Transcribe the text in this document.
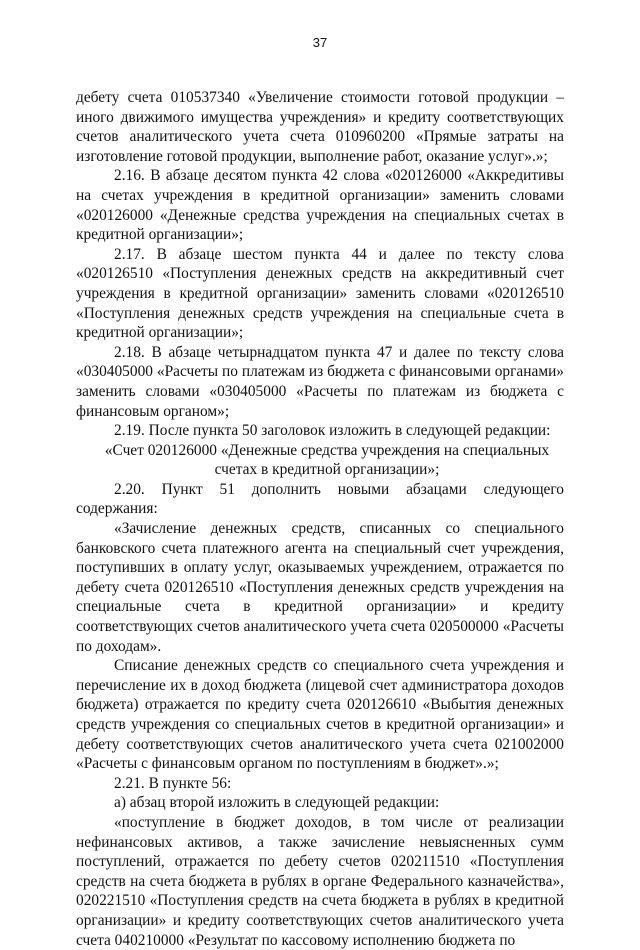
37

дебету счета 010537340 «Увеличение стоимости готовой продукции – иного движимого имущества учреждения» и кредиту соответствующих счетов аналитического учета счета 010960200 «Прямые затраты на изготовление готовой продукции, выполнение работ, оказание услуг».»;

2.16. В абзаце десятом пункта 42 слова «020126000 «Аккредитивы на счетах учреждения в кредитной организации» заменить словами «020126000 «Денежные средства учреждения на специальных счетах в кредитной организации»;

2.17. В абзаце шестом пункта 44 и далее по тексту слова «020126510 «Поступления денежных средств на аккредитивный счет учреждения в кредитной организации» заменить словами «020126510 «Поступления денежных средств учреждения на специальные счета в кредитной организации»;

2.18. В абзаце четырнадцатом пункта 47 и далее по тексту слова «030405000 «Расчеты по платежам из бюджета с финансовыми органами» заменить словами «030405000 «Расчеты по платежам из бюджета с финансовым органом»;

2.19. После пункта 50 заголовок изложить в следующей редакции:

«Счет 020126000 «Денежные средства учреждения на специальных счетах в кредитной организации»;

2.20. Пункт 51 дополнить новыми абзацами следующего содержания:

«Зачисление денежных средств, списанных со специального банковского счета платежного агента на специальный счет учреждения, поступивших в оплату услуг, оказываемых учреждением, отражается по дебету счета 020126510 «Поступления денежных средств учреждения на специальные счета в кредитной организации» и кредиту соответствующих счетов аналитического учета счета 020500000 «Расчеты по доходам».

Списание денежных средств со специального счета учреждения и перечисление их в доход бюджета (лицевой счет администратора доходов бюджета) отражается по кредиту счета 020126610 «Выбытия денежных средств учреждения со специальных счетов в кредитной организации» и дебету соответствующих счетов аналитического учета счета 021002000 «Расчеты с финансовым органом по поступлениям в бюджет».»;

2.21. В пункте 56:

а) абзац второй изложить в следующей редакции:

«поступление в бюджет доходов, в том числе от реализации нефинансовых активов, а также зачисление невыясненных сумм поступлений, отражается по дебету счетов 020211510 «Поступления средств на счета бюджета в рублях в органе Федерального казначейства», 020221510 «Поступления средств на счета бюджета в рублях в кредитной организации» и кредиту соответствующих счетов аналитического учета счета 040210000 «Результат по кассовому исполнению бюджета по
